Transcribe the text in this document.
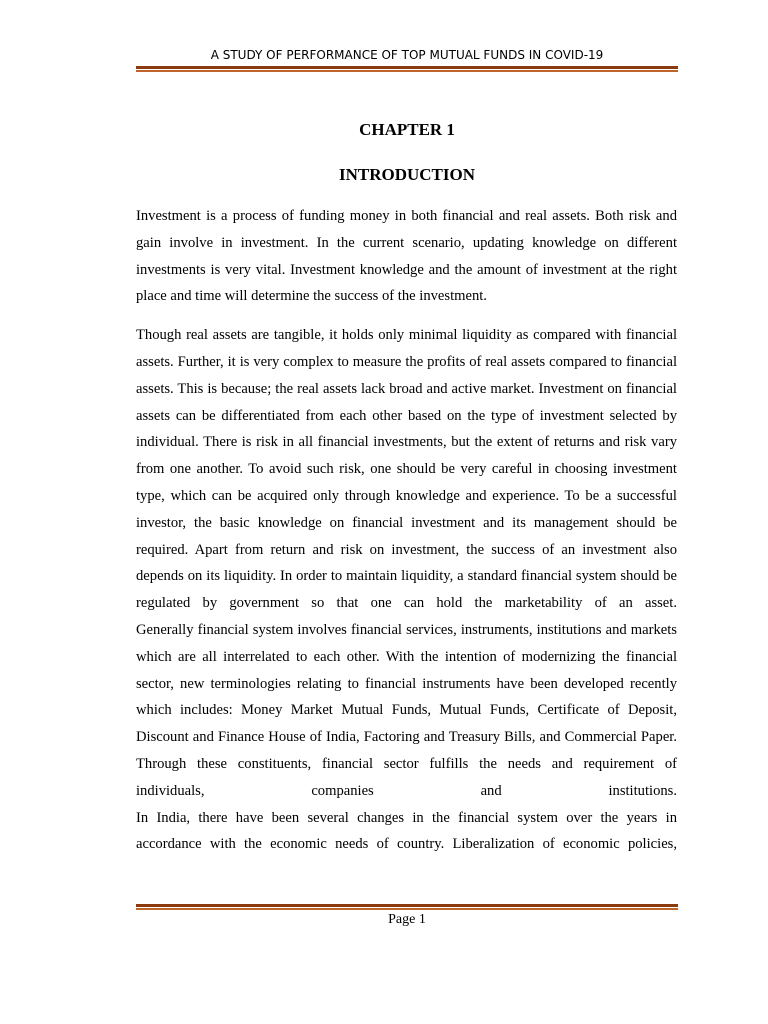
A STUDY OF PERFORMANCE OF TOP MUTUAL FUNDS IN COVID-19
CHAPTER 1
INTRODUCTION

Investment is a process of funding money in both financial and real assets. Both risk and gain involve in investment. In the current scenario, updating knowledge on different investments is very vital. Investment knowledge and the amount of investment at the right place and time will determine the success of the investment.

Though real assets are tangible, it holds only minimal liquidity as compared with financial assets. Further, it is very complex to measure the profits of real assets compared to financial assets. This is because; the real assets lack broad and active market. Investment on financial assets can be differentiated from each other based on the type of investment selected by individual. There is risk in all financial investments, but the extent of returns and risk vary from one another. To avoid such risk, one should be very careful in choosing investment type, which can be acquired only through knowledge and experience. To be a successful investor, the basic knowledge on financial investment and its management should be required. Apart from return and risk on investment, the success of an investment also depends on its liquidity. In order to maintain liquidity, a standard financial system should be regulated by government so that one can hold the marketability of an asset.

Generally financial system involves financial services, instruments, institutions and markets which are all interrelated to each other. With the intention of modernizing the financial sector, new terminologies relating to financial instruments have been developed recently which includes: Money Market Mutual Funds, Mutual Funds, Certificate of Deposit, Discount and Finance House of India, Factoring and Treasury Bills, and Commercial Paper. Through these constituents, financial sector fulfills the needs and requirement of individuals, companies and institutions.

In India, there have been several changes in the financial system over the years in accordance with the economic needs of country. Liberalization of economic policies,

Page 1
